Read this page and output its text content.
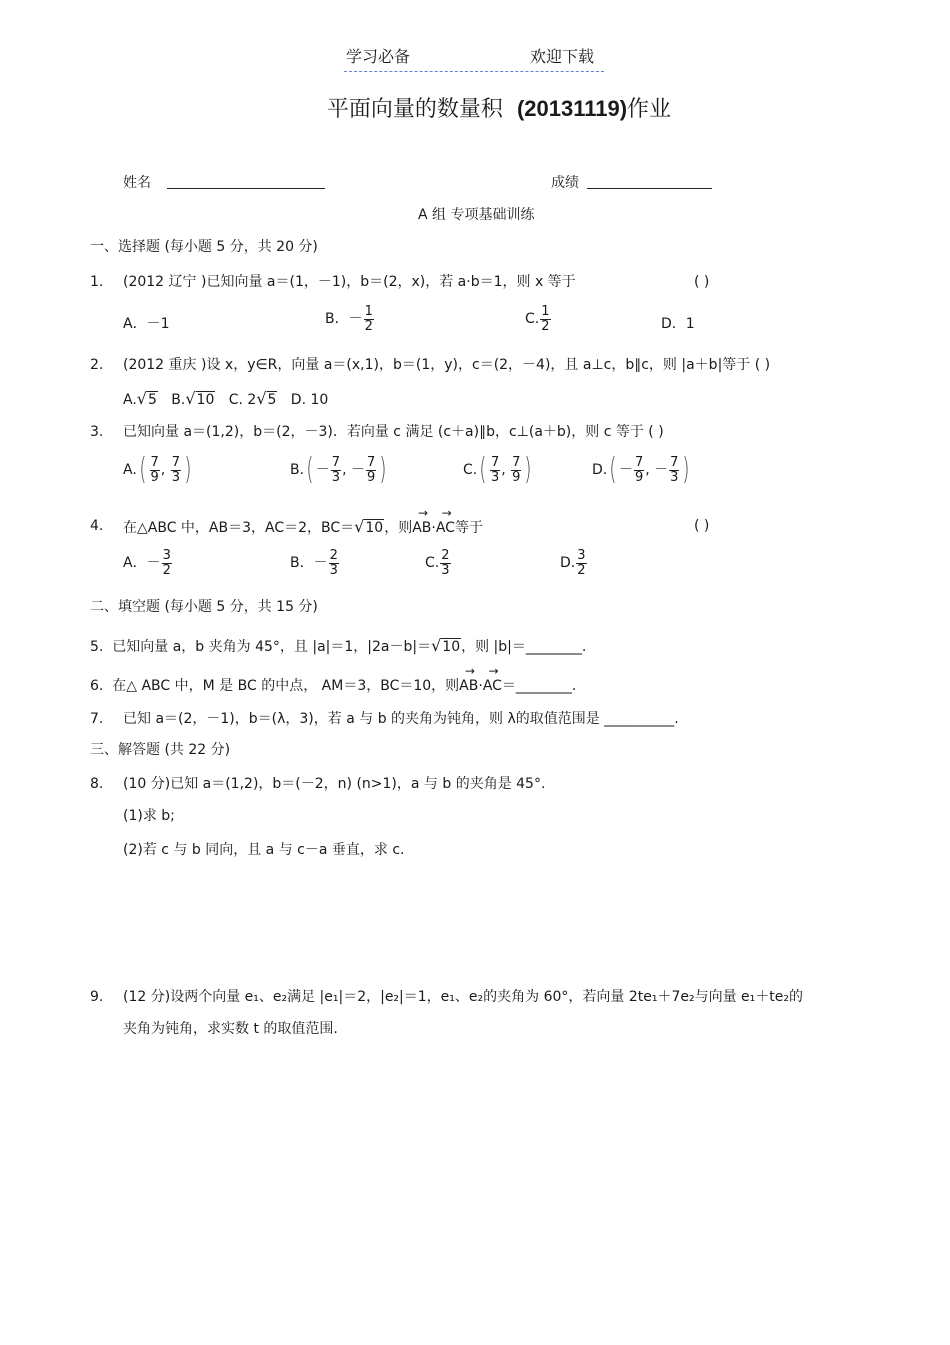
学习必备	欢迎下载
平面向量的数量积 (20131119)作业
姓名	成绩
A 组 专项基础训练
一、选择题 (每小题 5 分，共 20 分)
1. (2012 辽宁 )已知向量 a＝(1，－1)，b＝(2，x)，若 a·b＝1，则 x 等于	( )
A．－1	B．－ $\frac{1}{2}$	C. $\frac{1}{2}$	D．1
2. (2012 重庆 )设 x，y∈R，向量 a＝(x,1)，b＝(1，y)，c＝(2，－4)，且 a⊥c，b∥c，则 |a＋b|等于 ( )
A.√5 B.√10 C. 2√5 D. 10
3. 已知向量 a＝(1,2)，b＝(2，－3)．若向量 c 满足 (c＋a)∥b，c⊥(a＋b)，则 c 等于 ( )
$A.( \frac{7}{9}$ , $\frac{7}{3}$ )	$B.( - \frac{7}{3}$ , － $\frac{7}{9}$ )	$C.( \frac{7}{3}$ , $\frac{7}{9}$ )	$D.( - \frac{7}{9}$ , － $\frac{7}{3}$ )
4. 在△ABC 中，AB＝3，AC＝2，BC＝√10，则→ AB·→ AC等于	( )
A．－ $\frac{3}{2}$	B．－ $\frac{2}{3}$	C. $\frac{2}{3}$	D. $\frac{3}{2}$
二、填空题 (每小题 5 分，共 15 分)
5. 已知向量 a，b 夹角为 45°，且 |a|＝1，|2a－b|＝√10，则 |b|＝________.
6. 在△ ABC 中，M 是 BC 的中点， AM＝3，BC＝10，则→ AB·→ AC＝________.
7. 已知 a＝(2，－1)，b＝(λ，3)，若 a 与 b 的夹角为钝角，则 λ的取值范围是 __________.
三、解答题 (共 22 分)
8. (10 分)已知 a＝(1,2)，b＝(－2，n) (n>1)，a 与 b 的夹角是 45°.
(1)求 b;
(2)若 c 与 b 同向，且 a 与 c－a 垂直，求 c.
9. (12 分)设两个向量 e₁、e₂满足 |e₁|＝2，|e₂|＝1，e₁、e₂的夹角为 60°，若向量 2te₁＋7e₂与向量 e₁＋te₂的
夹角为钝角，求实数 t 的取值范围.
